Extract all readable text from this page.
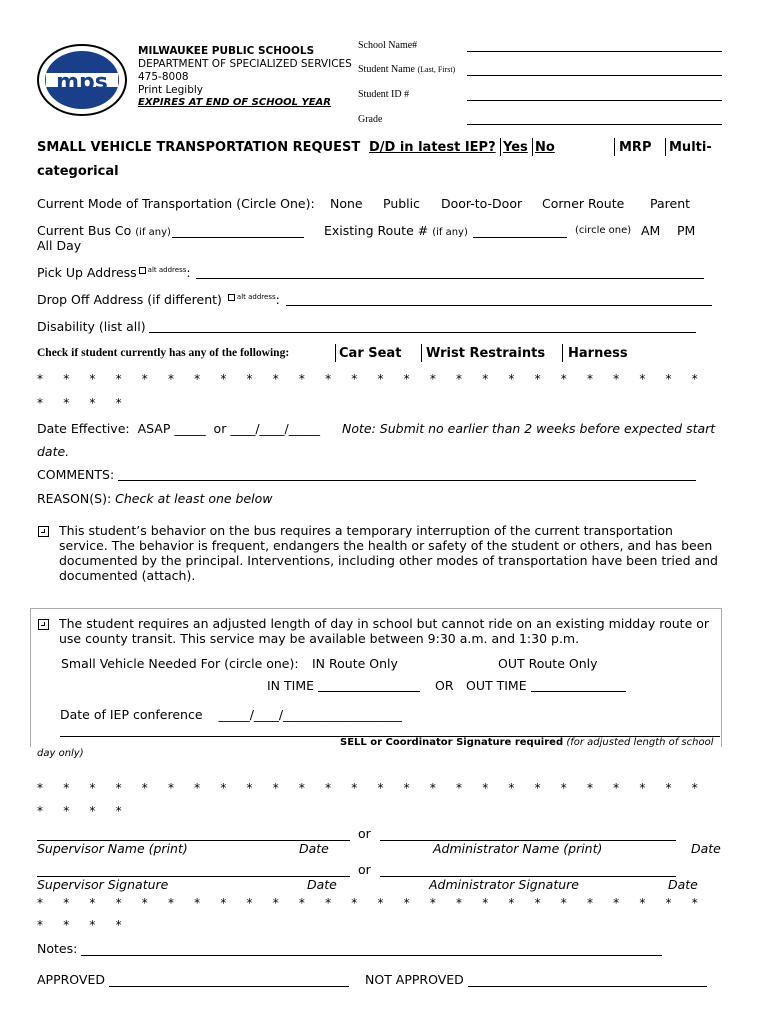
mps
MILWAUKEE PUBLIC SCHOOLS
DEPARTMENT OF SPECIALIZED SERVICES
475-8008
Print Legibly
EXPIRES AT END OF SCHOOL YEAR
School Name#
Student Name (Last, First)
Student ID #
Grade
SMALL VEHICLE TRANSPORTATION REQUEST D/D in latest IEP? Yes No	MRP Multi-
categorical
Current Mode of Transportation (Circle One): None Public Door-to-Door Corner Route Parent
Current Bus Co (if any)	Existing Route # (if any)	(circle one) AM PM
All Day
Pick Up Address $^{alt address}$:
Drop Off Address (if different) $^{alt address}$:
Disability (list all)
Check if student currently has any of the following:	Car Seat Wrist Restraints Harness
* * * * * * * * * * * * * * * * * * * * * * * * * *
* * * *
Date Effective: ASAP _____  or ____/____/_____ Note: Submit no earlier than 2 weeks before expected start
date.
COMMENTS:
REASON(S): Check at least one below
This student’s behavior on the bus requires a temporary interruption of the current transportation service. The behavior is frequent, endangers the health or safety of the student or others, and has been documented by the principal. Interventions, including other modes of transportation have been tried and documented (attach).
The student requires an adjusted length of day in school but cannot ride on an existing midday route or use county transit. This service may be available between 9:30 a.m. and 1:30 p.m.
Small Vehicle Needed For (circle one): IN Route Only	OUT Route Only
IN TIME	OR OUT TIME
Date of IEP conference    _____/____/___________________
SELL or Coordinator Signature required (for adjusted length of school
day only)
* * * * * * * * * * * * * * * * * * * * * * * * * *
* * * *
or
Supervisor Name (print)	Date	Administrator Name (print)	Date
or
Supervisor Signature	Date	Administrator Signature	Date
* * * * * * * * * * * * * * * * * * * * * * * * * *
* * * *
Notes:
APPROVED	NOT APPROVED
